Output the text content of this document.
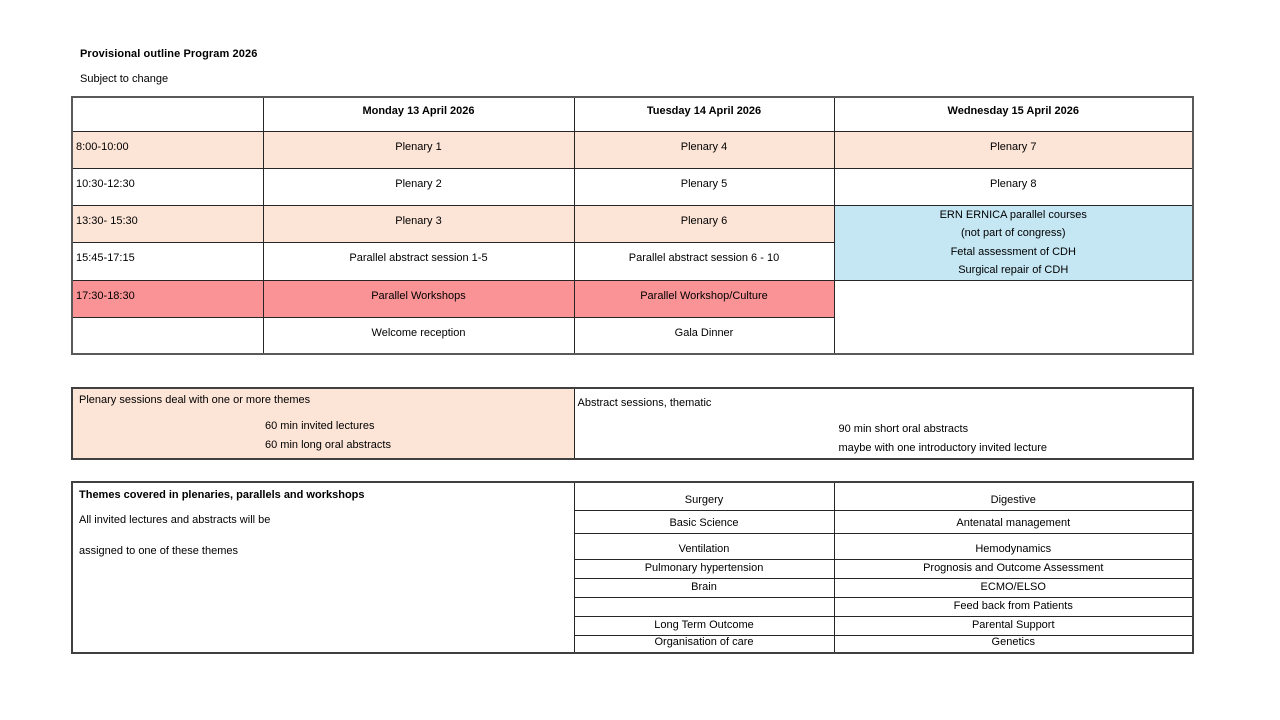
Provisional outline Program 2026
Subject to change
	Monday 13 April 2026	Tuesday 14 April 2026	Wednesday 15 April 2026
8:00-10:00	Plenary 1	Plenary 4	Plenary 7
10:30-12:30	Plenary 2	Plenary 5	Plenary 8
13:30- 15:30	Plenary 3	Plenary 6	ERN ERNICA parallel courses
(not part of congress)
Fetal assessment of CDH
Surgical repair of CDH

15:45-17:15	Parallel abstract session 1-5	Parallel abstract session 6 - 10	
17:30-18:30	Parallel Workshops	Parallel Workshop/Culture	
	Welcome reception	Gala Dinner	
Plenary sessions deal with one or more themes
60 min invited lectures
60 min long oral abstracts

Abstract sessions, thematic
90 min short oral abstracts
maybe with one introductory invited lecture
Themes covered in plenaries, parallels and workshops
All invited lectures and abstracts will be
assigned to one of these themes	Surgery	Digestive
	Basic Science	Antenatal management
	Ventilation	Hemodynamics
	Pulmonary hypertension	Prognosis and Outcome Assessment
	Brain	ECMO/ELSO
		Feed back from Patients
	Long Term Outcome	Parental Support
	Organisation of care	Genetics
